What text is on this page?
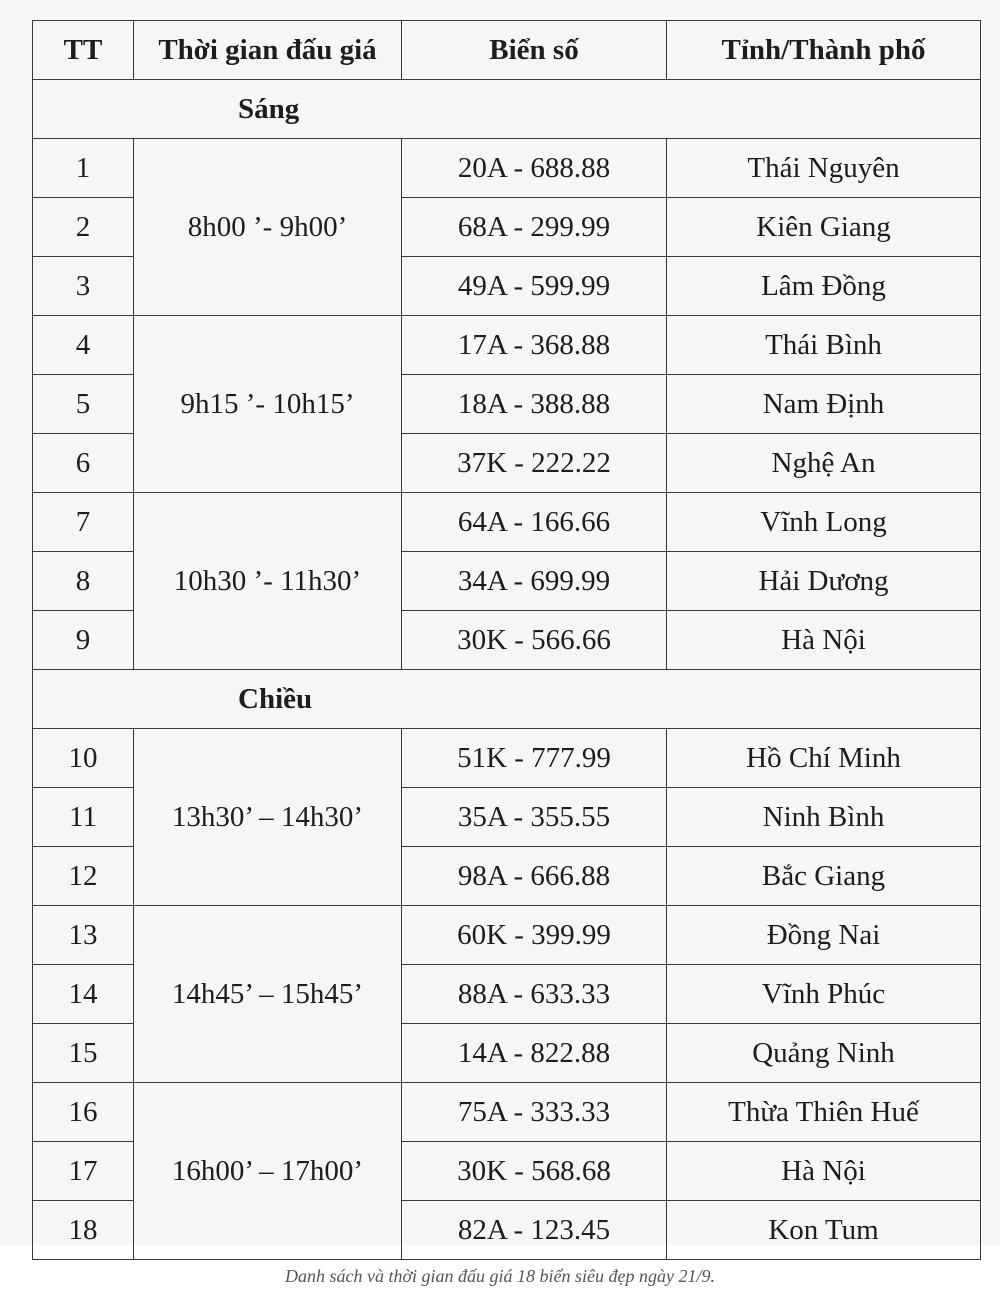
TT	Thời gian đấu giá	Biển số	Tỉnh/Thành phố
Sáng			
1	8h00 ’- 9h00’	20A - 688.88	Thái Nguyên
2		68A - 299.99	Kiên Giang
3		49A - 599.99	Lâm Đồng
4	9h15 ’- 10h15’	17A - 368.88	Thái Bình
5		18A - 388.88	Nam Định
6		37K - 222.22	Nghệ An
7	10h30 ’- 11h30’	64A - 166.66	Vĩnh Long
8		34A - 699.99	Hải Dương
9		30K - 566.66	Hà Nội
Chiều			
10	13h30’ – 14h30’	51K - 777.99	Hồ Chí Minh
11		35A - 355.55	Ninh Bình
12		98A - 666.88	Bắc Giang
13	14h45’ – 15h45’	60K - 399.99	Đồng Nai
14		88A - 633.33	Vĩnh Phúc
15		14A - 822.88	Quảng Ninh
16	16h00’ – 17h00’	75A - 333.33	Thừa Thiên Huế
17		30K - 568.68	Hà Nội
18		82A - 123.45	Kon Tum
Danh sách và thời gian đấu giá 18 biển siêu đẹp ngày 21/9.
